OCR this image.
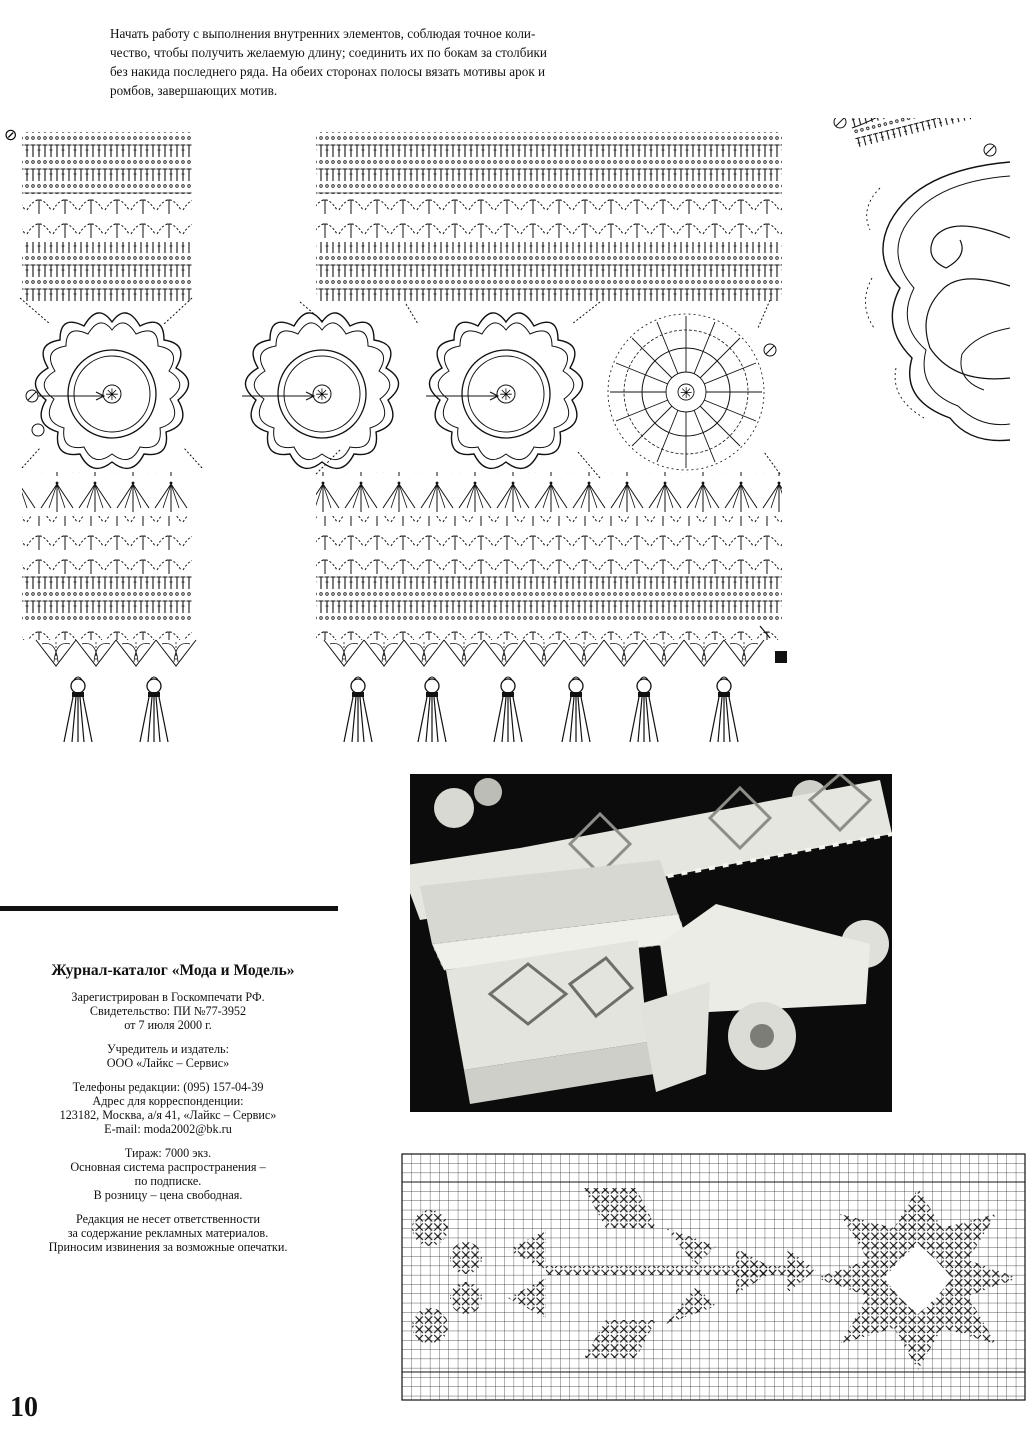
Начать работу с выполнения внутренних элементов, соблюдая точное коли-
чество, чтобы получить желаемую длину; соединить их по бокам за столбики
без накида последнего ряда. На обеих сторонах полосы вязать мотивы арок и
ромбов, завершающих мотив.

⊘
✳	✳	✳	✳
Журнал-каталог «Мода и Модель»
Зарегистрирован в Госкомпечати РФ.
Свидетельство: ПИ №77-3952
от 7 июля 2000 г.
Учредитель и издатель:
ООО «Лайкс – Сервис»
Телефоны редакции: (095) 157-04-39
Адрес для корреспонденции:
123182, Москва, а/я 41, «Лайкс – Сервис»
E-mail: moda2002@bk.ru
Тираж: 7000 экз.
Основная система распространения –
по подписке.
В розницу – цена свободная.
Редакция не несет ответственности
за содержание рекламных материалов.
Приносим извинения за возможные опечатки.
10
